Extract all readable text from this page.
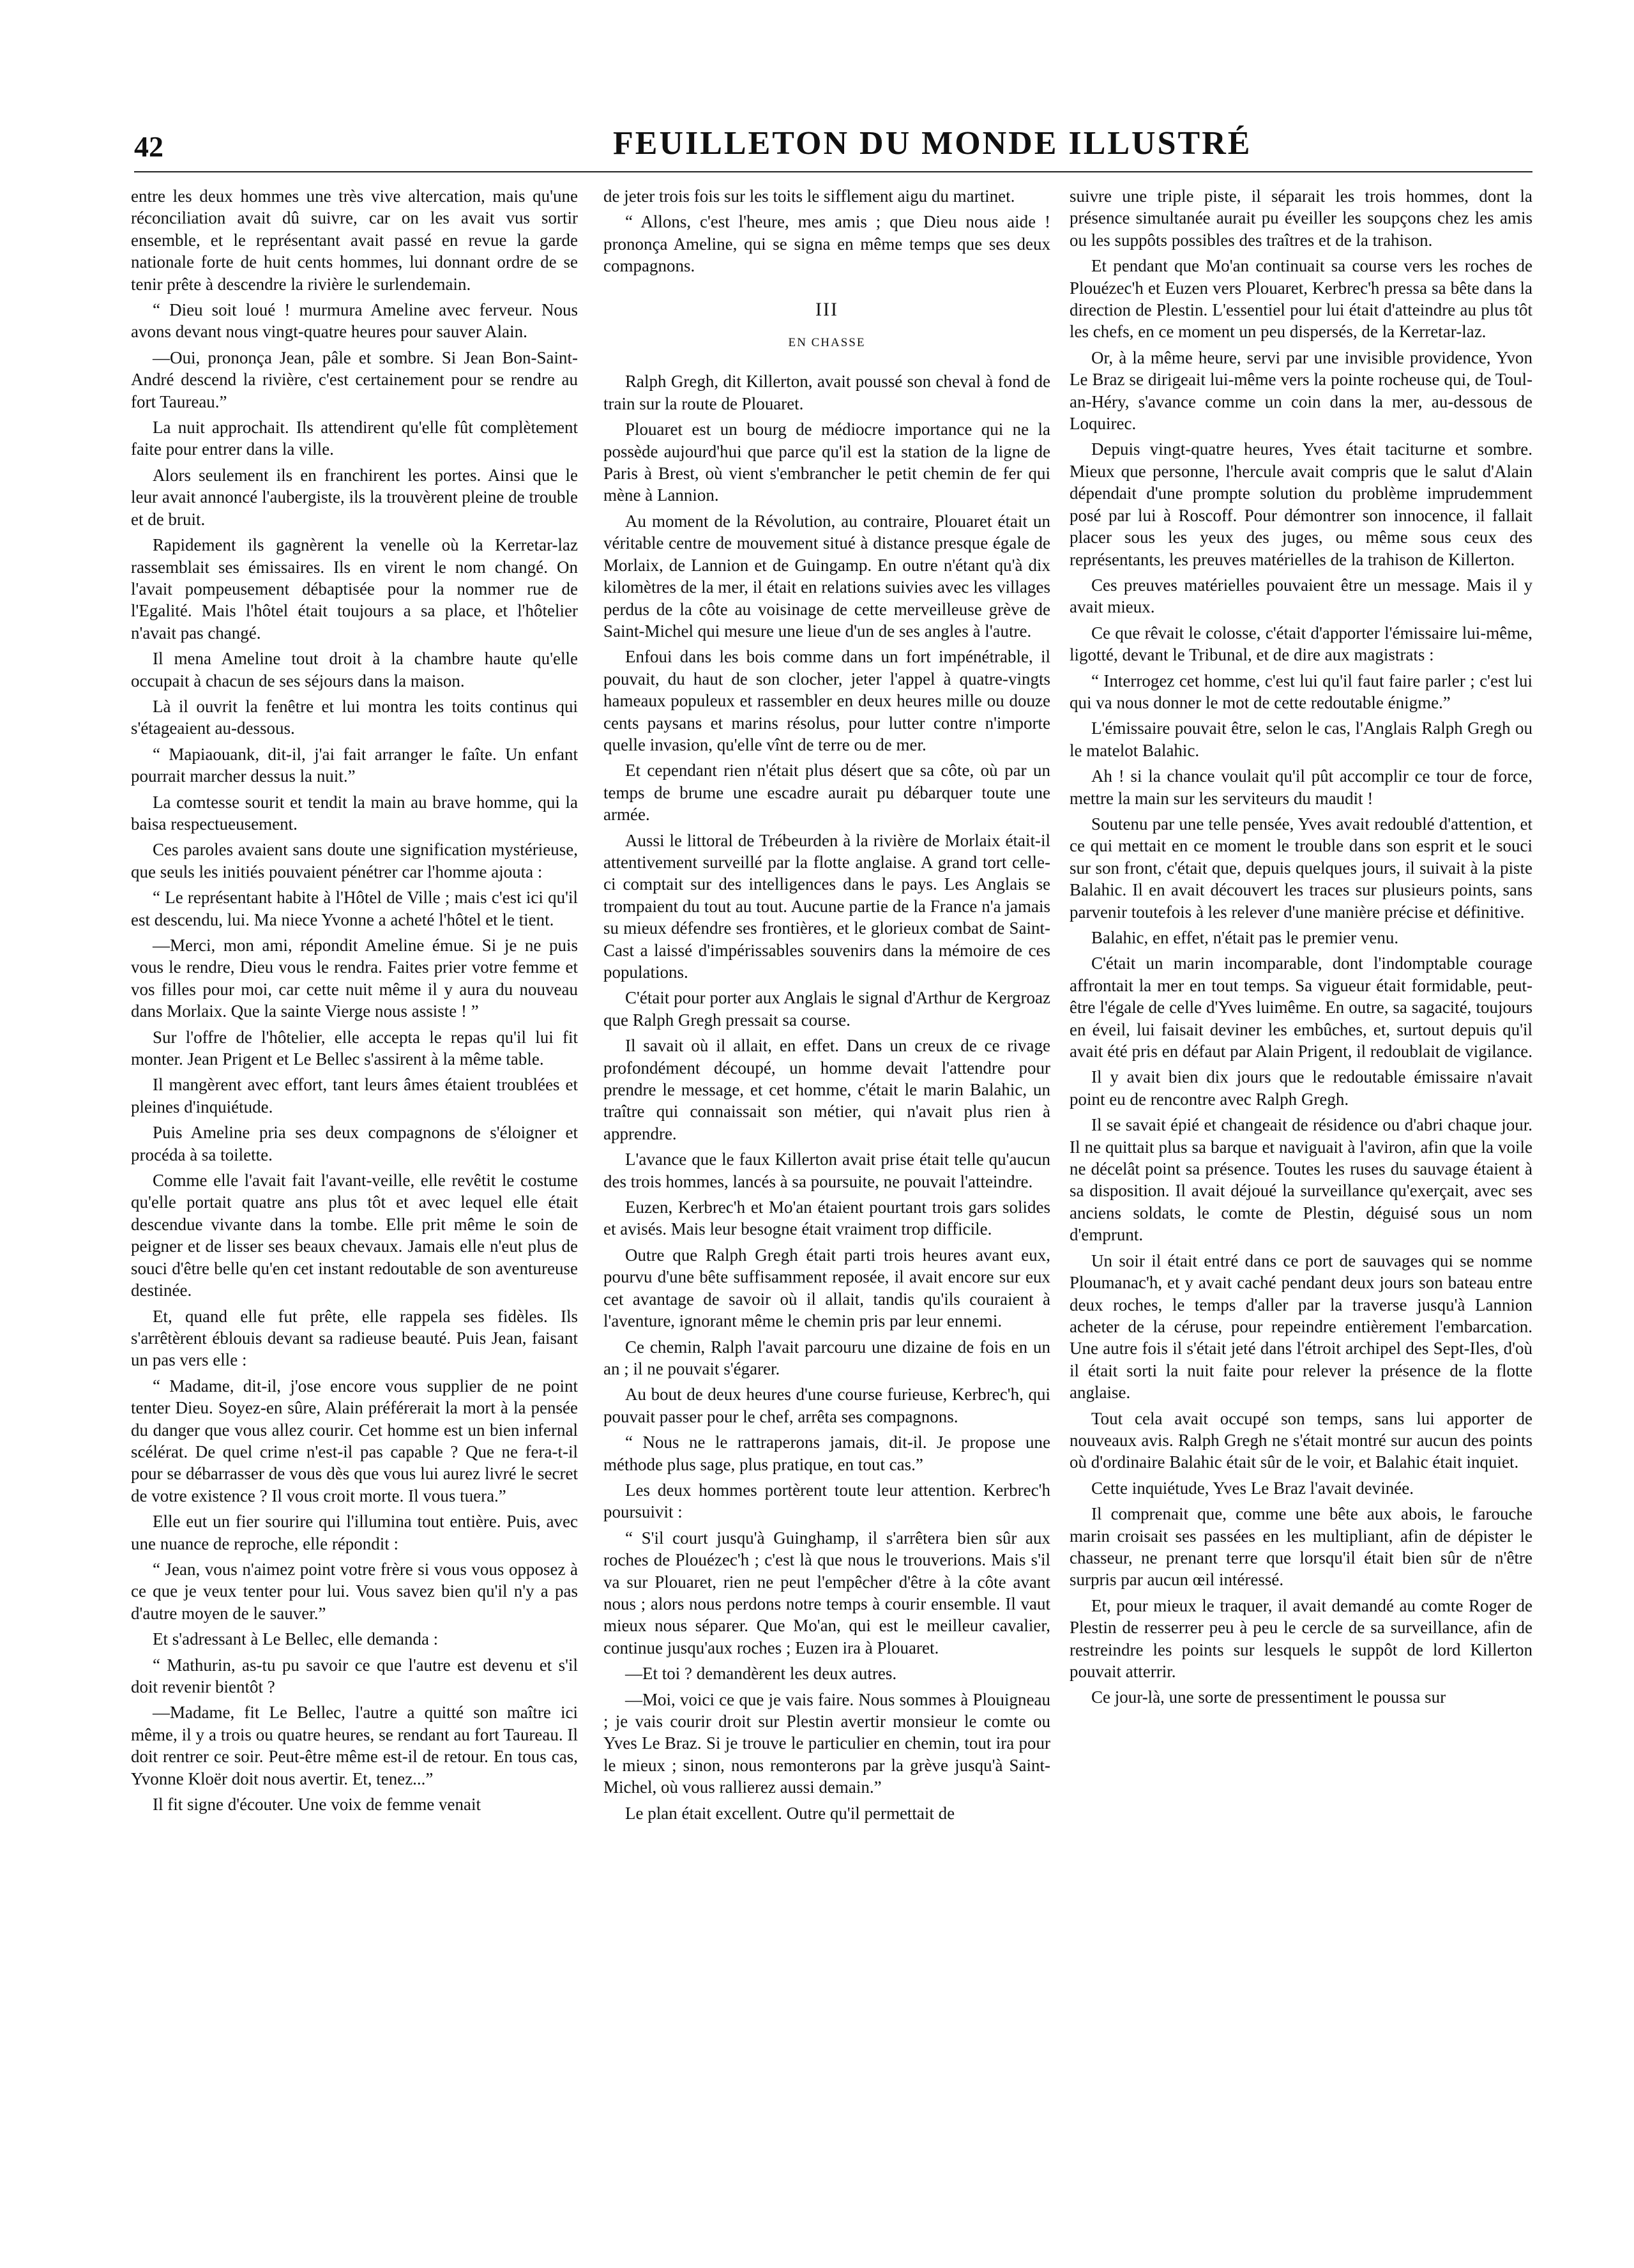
42	FEUILLETON DU MONDE ILLUSTRÉ

entre les deux hommes une très vive altercation, mais qu'une réconciliation avait dû suivre, car on les avait vus sortir ensemble, et le représentant avait passé en revue la garde nationale forte de huit cents hommes, lui donnant ordre de se tenir prête à descendre la rivière le surlendemain.

“ Dieu soit loué ! murmura Ameline avec ferveur. Nous avons devant nous vingt-quatre heures pour sauver Alain.

—Oui, prononça Jean, pâle et sombre. Si Jean Bon-Saint-André descend la rivière, c'est certainement pour se rendre au fort Taureau.”

La nuit approchait. Ils attendirent qu'elle fût complètement faite pour entrer dans la ville.

Alors seulement ils en franchirent les portes. Ainsi que le leur avait annoncé l'aubergiste, ils la trouvèrent pleine de trouble et de bruit.

Rapidement ils gagnèrent la venelle où la Kerretar-laz rassemblait ses émissaires. Ils en virent le nom changé. On l'avait pompeusement débaptisée pour la nommer rue de l'Egalité. Mais l'hôtel était toujours a sa place, et l'hôtelier n'avait pas changé.

Il mena Ameline tout droit à la chambre haute qu'elle occupait à chacun de ses séjours dans la maison.

Là il ouvrit la fenêtre et lui montra les toits continus qui s'étageaient au-dessous.

“ Mapiaouank, dit-il, j'ai fait arranger le faîte. Un enfant pourrait marcher dessus la nuit.”

La comtesse sourit et tendit la main au brave homme, qui la baisa respectueusement.

Ces paroles avaient sans doute une signification mystérieuse, que seuls les initiés pouvaient pénétrer car l'homme ajouta :

“ Le représentant habite à l'Hôtel de Ville ; mais c'est ici qu'il est descendu, lui. Ma niece Yvonne a acheté l'hôtel et le tient.

—Merci, mon ami, répondit Ameline émue. Si je ne puis vous le rendre, Dieu vous le rendra. Faites prier votre femme et vos filles pour moi, car cette nuit même il y aura du nouveau dans Morlaix. Que la sainte Vierge nous assiste ! ”

Sur l'offre de l'hôtelier, elle accepta le repas qu'il lui fit monter. Jean Prigent et Le Bellec s'assirent à la même table.

Il mangèrent avec effort, tant leurs âmes étaient troublées et pleines d'inquiétude.

Puis Ameline pria ses deux compagnons de s'éloigner et procéda à sa toilette.

Comme elle l'avait fait l'avant-veille, elle revêtit le costume qu'elle portait quatre ans plus tôt et avec lequel elle était descendue vivante dans la tombe. Elle prit même le soin de peigner et de lisser ses beaux chevaux. Jamais elle n'eut plus de souci d'être belle qu'en cet instant redoutable de son aventureuse destinée.

Et, quand elle fut prête, elle rappela ses fidèles. Ils s'arrêtèrent éblouis devant sa radieuse beauté. Puis Jean, faisant un pas vers elle :

“ Madame, dit-il, j'ose encore vous supplier de ne point tenter Dieu. Soyez-en sûre, Alain préférerait la mort à la pensée du danger que vous allez courir. Cet homme est un bien infernal scélérat. De quel crime n'est-il pas capable ? Que ne fera-t-il pour se débarrasser de vous dès que vous lui aurez livré le secret de votre existence ? Il vous croit morte. Il vous tuera.”

Elle eut un fier sourire qui l'illumina tout entière. Puis, avec une nuance de reproche, elle répondit :

“ Jean, vous n'aimez point votre frère si vous vous opposez à ce que je veux tenter pour lui. Vous savez bien qu'il n'y a pas d'autre moyen de le sauver.”

Et s'adressant à Le Bellec, elle demanda :

“ Mathurin, as-tu pu savoir ce que l'autre est devenu et s'il doit revenir bientôt ?

—Madame, fit Le Bellec, l'autre a quitté son maître ici même, il y a trois ou quatre heures, se rendant au fort Taureau. Il doit rentrer ce soir. Peut-être même est-il de retour. En tous cas, Yvonne Kloër doit nous avertir. Et, tenez...”

Il fit signe d'écouter. Une voix de femme venait

de jeter trois fois sur les toits le sifflement aigu du martinet.

“ Allons, c'est l'heure, mes amis ; que Dieu nous aide ! prononça Ameline, qui se signa en même temps que ses deux compagnons.

III

EN CHASSE

Ralph Gregh, dit Killerton, avait poussé son cheval à fond de train sur la route de Plouaret.

Plouaret est un bourg de médiocre importance qui ne la possède aujourd'hui que parce qu'il est la station de la ligne de Paris à Brest, où vient s'embrancher le petit chemin de fer qui mène à Lannion.

Au moment de la Révolution, au contraire, Plouaret était un véritable centre de mouvement situé à distance presque égale de Morlaix, de Lannion et de Guingamp. En outre n'étant qu'à dix kilomètres de la mer, il était en relations suivies avec les villages perdus de la côte au voisinage de cette merveilleuse grève de Saint-Michel qui mesure une lieue d'un de ses angles à l'autre.

Enfoui dans les bois comme dans un fort impénétrable, il pouvait, du haut de son clocher, jeter l'appel à quatre-vingts hameaux populeux et rassembler en deux heures mille ou douze cents paysans et marins résolus, pour lutter contre n'importe quelle invasion, qu'elle vînt de terre ou de mer.

Et cependant rien n'était plus désert que sa côte, où par un temps de brume une escadre aurait pu débarquer toute une armée.

Aussi le littoral de Trébeurden à la rivière de Morlaix était-il attentivement surveillé par la flotte anglaise. A grand tort celle-ci comptait sur des intelligences dans le pays. Les Anglais se trompaient du tout au tout. Aucune partie de la France n'a jamais su mieux défendre ses frontières, et le glorieux combat de Saint-Cast a laissé d'impérissables souvenirs dans la mémoire de ces populations.

C'était pour porter aux Anglais le signal d'Arthur de Kergroaz que Ralph Gregh pressait sa course.

Il savait où il allait, en effet. Dans un creux de ce rivage profondément découpé, un homme devait l'attendre pour prendre le message, et cet homme, c'était le marin Balahic, un traître qui connaissait son métier, qui n'avait plus rien à apprendre.

L'avance que le faux Killerton avait prise était telle qu'aucun des trois hommes, lancés à sa poursuite, ne pouvait l'atteindre.

Euzen, Kerbrec'h et Mo'an étaient pourtant trois gars solides et avisés. Mais leur besogne était vraiment trop difficile.

Outre que Ralph Gregh était parti trois heures avant eux, pourvu d'une bête suffisamment reposée, il avait encore sur eux cet avantage de savoir où il allait, tandis qu'ils couraient à l'aventure, ignorant même le chemin pris par leur ennemi.

Ce chemin, Ralph l'avait parcouru une dizaine de fois en un an ; il ne pouvait s'égarer.

Au bout de deux heures d'une course furieuse, Kerbrec'h, qui pouvait passer pour le chef, arrêta ses compagnons.

“ Nous ne le rattraperons jamais, dit-il. Je propose une méthode plus sage, plus pratique, en tout cas.”

Les deux hommes portèrent toute leur attention. Kerbrec'h poursuivit :

“ S'il court jusqu'à Guinghamp, il s'arrêtera bien sûr aux roches de Plouézec'h ; c'est là que nous le trouverions. Mais s'il va sur Plouaret, rien ne peut l'empêcher d'être à la côte avant nous ; alors nous perdons notre temps à courir ensemble. Il vaut mieux nous séparer. Que Mo'an, qui est le meilleur cavalier, continue jusqu'aux roches ; Euzen ira à Plouaret.

—Et toi ? demandèrent les deux autres.

—Moi, voici ce que je vais faire. Nous sommes à Plouigneau ; je vais courir droit sur Plestin avertir monsieur le comte ou Yves Le Braz. Si je trouve le particulier en chemin, tout ira pour le mieux ; sinon, nous remonterons par la grève jusqu'à Saint-Michel, où vous rallierez aussi demain.”

Le plan était excellent. Outre qu'il permettait de

suivre une triple piste, il séparait les trois hommes, dont la présence simultanée aurait pu éveiller les soupçons chez les amis ou les suppôts possibles des traîtres et de la trahison.

Et pendant que Mo'an continuait sa course vers les roches de Plouézec'h et Euzen vers Plouaret, Kerbrec'h pressa sa bête dans la direction de Plestin. L'essentiel pour lui était d'atteindre au plus tôt les chefs, en ce moment un peu dispersés, de la Kerretar-laz.

Or, à la même heure, servi par une invisible providence, Yvon Le Braz se dirigeait lui-même vers la pointe rocheuse qui, de Toul-an-Héry, s'avance comme un coin dans la mer, au-dessous de Loquirec.

Depuis vingt-quatre heures, Yves était taciturne et sombre. Mieux que personne, l'hercule avait compris que le salut d'Alain dépendait d'une prompte solution du problème imprudemment posé par lui à Roscoff. Pour démontrer son innocence, il fallait placer sous les yeux des juges, ou même sous ceux des représentants, les preuves matérielles de la trahison de Killerton.

Ces preuves matérielles pouvaient être un message. Mais il y avait mieux.

Ce que rêvait le colosse, c'était d'apporter l'émissaire lui-même, ligotté, devant le Tribunal, et de dire aux magistrats :

“ Interrogez cet homme, c'est lui qu'il faut faire parler ; c'est lui qui va nous donner le mot de cette redoutable énigme.”

L'émissaire pouvait être, selon le cas, l'Anglais Ralph Gregh ou le matelot Balahic.

Ah ! si la chance voulait qu'il pût accomplir ce tour de force, mettre la main sur les serviteurs du maudit !

Soutenu par une telle pensée, Yves avait redoublé d'attention, et ce qui mettait en ce moment le trouble dans son esprit et le souci sur son front, c'était que, depuis quelques jours, il suivait à la piste Balahic. Il en avait découvert les traces sur plusieurs points, sans parvenir toutefois à les relever d'une manière précise et définitive.

Balahic, en effet, n'était pas le premier venu.

C'était un marin incomparable, dont l'indomptable courage affrontait la mer en tout temps. Sa vigueur était formidable, peut-être l'égale de celle d'Yves luimême. En outre, sa sagacité, toujours en éveil, lui faisait deviner les embûches, et, surtout depuis qu'il avait été pris en défaut par Alain Prigent, il redoublait de vigilance.

Il y avait bien dix jours que le redoutable émissaire n'avait point eu de rencontre avec Ralph Gregh.

Il se savait épié et changeait de résidence ou d'abri chaque jour. Il ne quittait plus sa barque et naviguait à l'aviron, afin que la voile ne décelât point sa présence. Toutes les ruses du sauvage étaient à sa disposition. Il avait déjoué la surveillance qu'exerçait, avec ses anciens soldats, le comte de Plestin, déguisé sous un nom d'emprunt.

Un soir il était entré dans ce port de sauvages qui se nomme Ploumanac'h, et y avait caché pendant deux jours son bateau entre deux roches, le temps d'aller par la traverse jusqu'à Lannion acheter de la céruse, pour repeindre entièrement l'embarcation. Une autre fois il s'était jeté dans l'étroit archipel des Sept-Iles, d'où il était sorti la nuit faite pour relever la présence de la flotte anglaise.

Tout cela avait occupé son temps, sans lui apporter de nouveaux avis. Ralph Gregh ne s'était montré sur aucun des points où d'ordinaire Balahic était sûr de le voir, et Balahic était inquiet.

Cette inquiétude, Yves Le Braz l'avait devinée.

Il comprenait que, comme une bête aux abois, le farouche marin croisait ses passées en les multipliant, afin de dépister le chasseur, ne prenant terre que lorsqu'il était bien sûr de n'être surpris par aucun œil intéressé.

Et, pour mieux le traquer, il avait demandé au comte Roger de Plestin de resserrer peu à peu le cercle de sa surveillance, afin de restreindre les points sur lesquels le suppôt de lord Killerton pouvait atterrir.

Ce jour-là, une sorte de pressentiment le poussa sur
